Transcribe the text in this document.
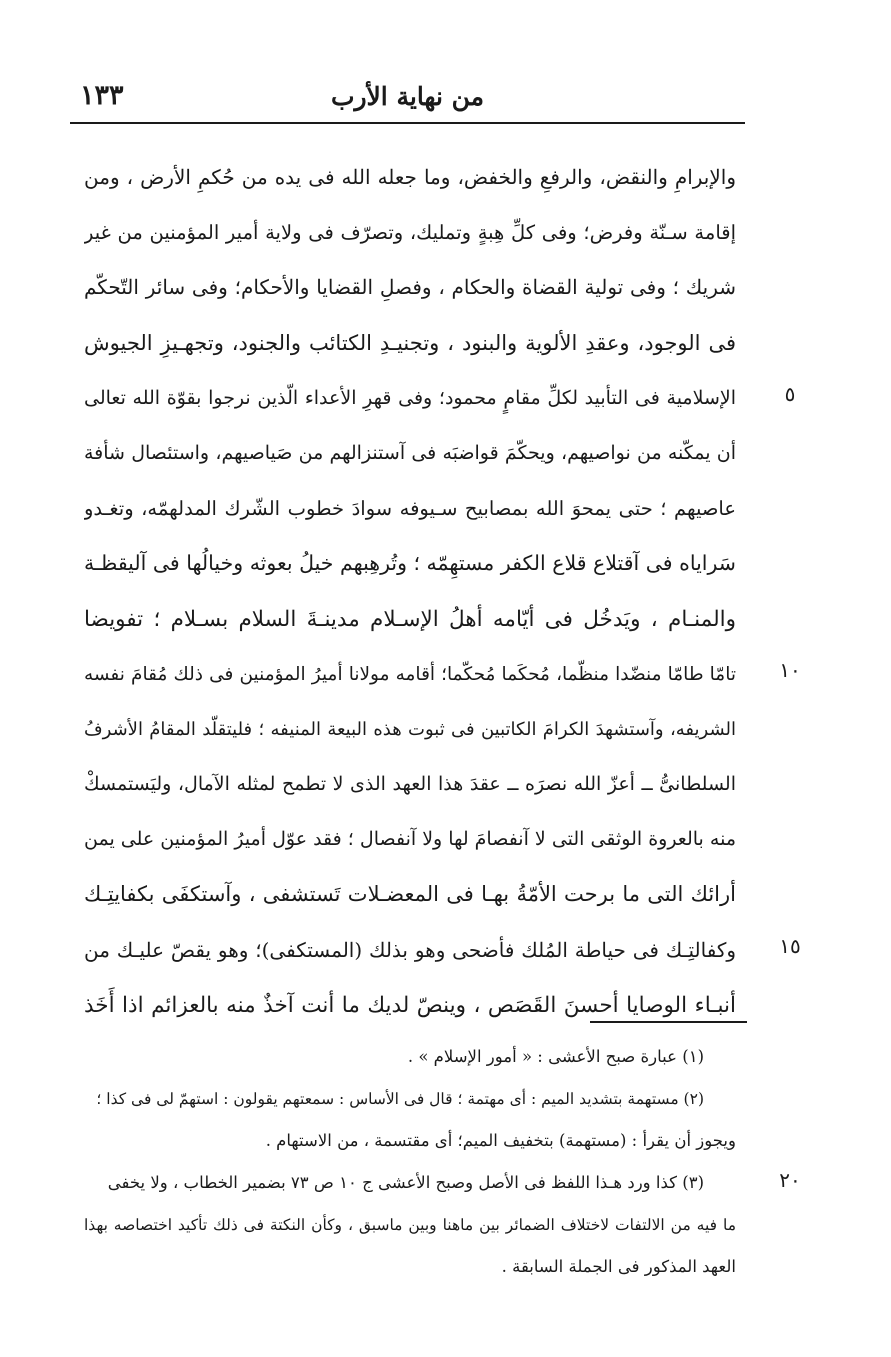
من نهاية الأرب
١٣٣
والإبرامِ والنقض، والرفعِ والخفض، وما جعله الله فى يده من حُكمِ الأرض ، ومن
إقامة سـنّة وفرض؛ وفى كلِّ هِبةٍ وتمليك، وتصرّف فى ولاية أمير المؤمنين من غير
شريك ؛ وفى تولية القضاة والحكام ، وفصلِ القضايا والأحكام؛ وفى سائر التّحكّم
فى الوجود، وعقدِ الألوية والبنود ، وتجنيـدِ الكتائب والجنود، وتجهـيزِ الجيوش
الإسلامية فى التأبيد لكلِّ مقامٍ محمود؛ وفى قهرِ الأعداء الّذين نرجوا بقوّة الله تعالى
أن يمكّنه من نواصيهم، ويحكّمَ قواضبَه فى آستنزالهم من صَياصيهم، واستئصال شأفة
عاصيهم ؛ حتى يمحوَ الله بمصابيح سـيوفه سوادَ خطوب الشّرك المدلهمّه، وتغـدو
سَراياه فى آقتلاع قلاع الكفر مستهِمّه ؛ وتُرهِبهم خيلُ بعوثه وخيالُها فى آليقظـة
والمنـام ، ويَدخُل فى أيّامه أهلُ الإسـلام مدينـةَ السلام بسـلام ؛ تفويضا
تامّا طامّا منضّدا منظّما، مُحكَما مُحكّما؛ أقامه مولانا أميرُ المؤمنين فى ذلك مُقامَ نفسه
الشريفه، وآستشهدَ الكرامَ الكاتبين فى ثبوت هذه البيعة المنيفه ؛ فليتقلّد المقامُ الأشرفُ
السلطانىُّ ــ أعزّ الله نصرَه ــ عقدَ هذا العهد الذى لا تطمح لمثله الآمال، وليَستمسكْ
منه بالعروة الوثقى التى لا آنفصامَ لها ولا آنفصال ؛ فقد عوّل أميرُ المؤمنين على يمن
أرائك التى ما برحت الأمّةُ بهـا فى المعضـلات تَستشفى ، وآستكفَى بكفايتِـك
وكفالتِـك فى حياطة المُلك فأضحى وهو بذلك (المستكفى)؛ وهو يقصّ عليـك من
أنبـاء الوصايا أحسنَ القَصَص ، وينصّ لديك ما أنت آخذٌ منه بالعزائم اذا أَخَذ
٥
١٠
١٥
٢٠
(١) عبارة صبح الأعشى : « أمور الإسلام » .
(٢) مستهمة بتشديد الميم : أى مهتمة ؛ قال فى الأساس : سمعتهم يقولون : استهمّ لى فى كذا ؛
ويجوز أن يقرأ : (مستهمة) بتخفيف الميم؛ أى مقتسمة ، من الاستهام .
(٣) كذا ورد هـذا اللفظ فى الأصل وصبح الأعشى ج ١٠ ص ٧٣ بضمير الخطاب ، ولا يخفى
ما فيه من الالتفات لاختلاف الضمائر بين ماهنا وبين ماسبق ، وكأن النكتة فى ذلك تأكيد اختصاصه بهذا
العهد المذكور فى الجملة السابقة .
